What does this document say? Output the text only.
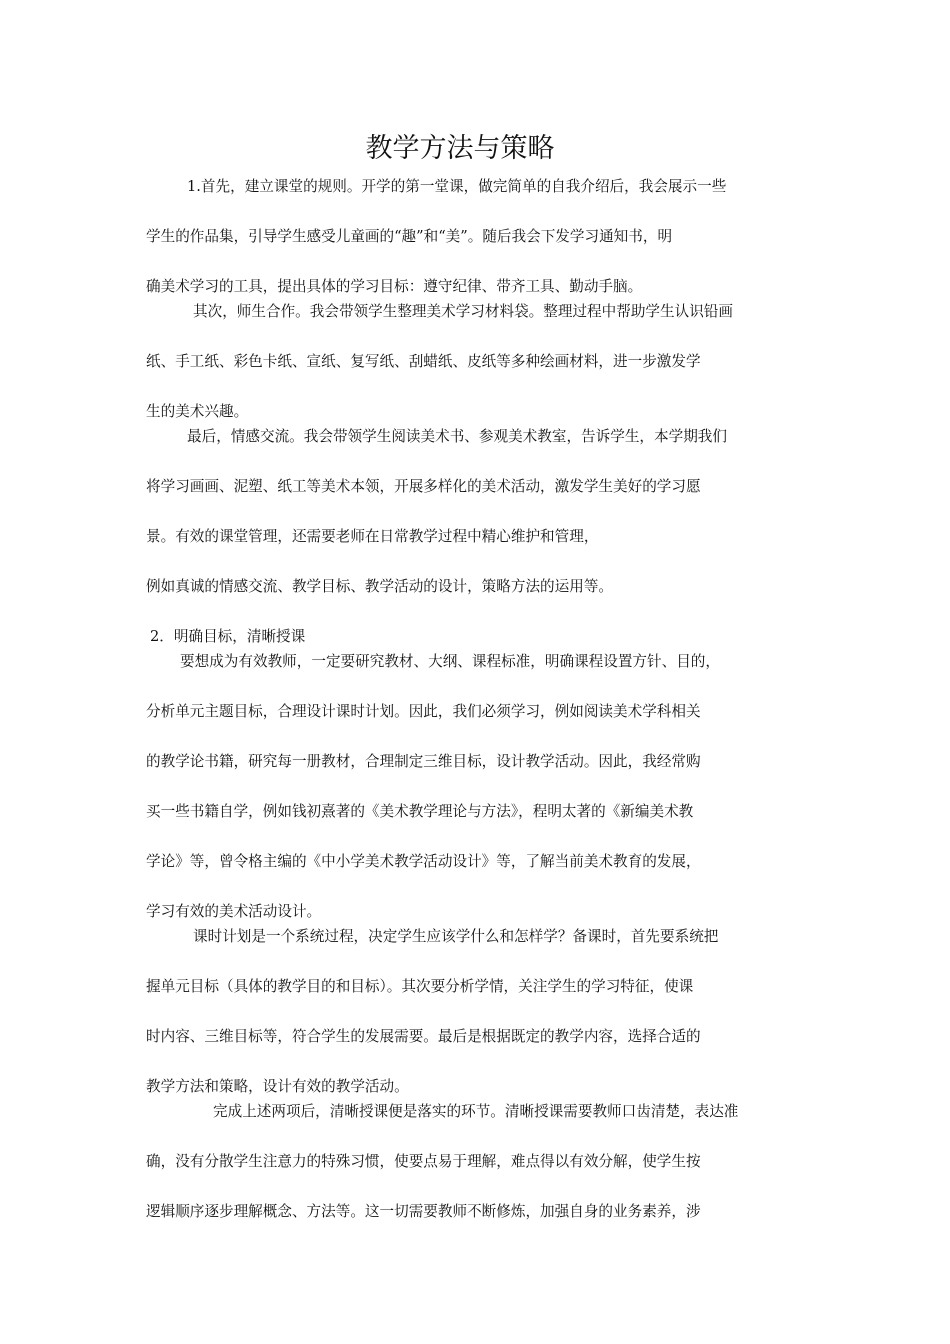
教学方法与策略
1.首先，建立课堂的规则。开学的第一堂课，做完简单的自我介绍后，我会展示一些
学生的作品集，引导学生感受儿童画的“趣”和“美”。随后我会下发学习通知书，明
确美术学习的工具，提出具体的学习目标：遵守纪律、带齐工具、勤动手脑。
其次，师生合作。我会带领学生整理美术学习材料袋。整理过程中帮助学生认识铅画
纸、手工纸、彩色卡纸、宣纸、复写纸、刮蜡纸、皮纸等多种绘画材料，进一步激发学
生的美术兴趣。
最后，情感交流。我会带领学生阅读美术书、参观美术教室，告诉学生，本学期我们
将学习画画、泥塑、纸工等美术本领，开展多样化的美术活动，激发学生美好的学习愿
景。有效的课堂管理，还需要老师在日常教学过程中精心维护和管理，
例如真诚的情感交流、教学目标、教学活动的设计，策略方法的运用等。
2．明确目标，清晰授课
要想成为有效教师，一定要研究教材、大纲、课程标准，明确课程设置方针、目的，
分析单元主题目标，合理设计课时计划。因此，我们必须学习，例如阅读美术学科相关
的教学论书籍，研究每一册教材，合理制定三维目标，设计教学活动。因此，我经常购
买一些书籍自学，例如钱初熹著的《美术教学理论与方法》，程明太著的《新编美术教
学论》等，曾令格主编的《中小学美术教学活动设计》等，了解当前美术教育的发展，
学习有效的美术活动设计。
课时计划是一个系统过程，决定学生应该学什么和怎样学？备课时，首先要系统把
握单元目标（具体的教学目的和目标）。其次要分析学情，关注学生的学习特征，使课
时内容、三维目标等，符合学生的发展需要。最后是根据既定的教学内容，选择合适的
教学方法和策略，设计有效的教学活动。
完成上述两项后，清晰授课便是落实的环节。清晰授课需要教师口齿清楚，表达准
确，没有分散学生注意力的特殊习惯，使要点易于理解，难点得以有效分解，使学生按
逻辑顺序逐步理解概念、方法等。这一切需要教师不断修炼，加强自身的业务素养，涉
